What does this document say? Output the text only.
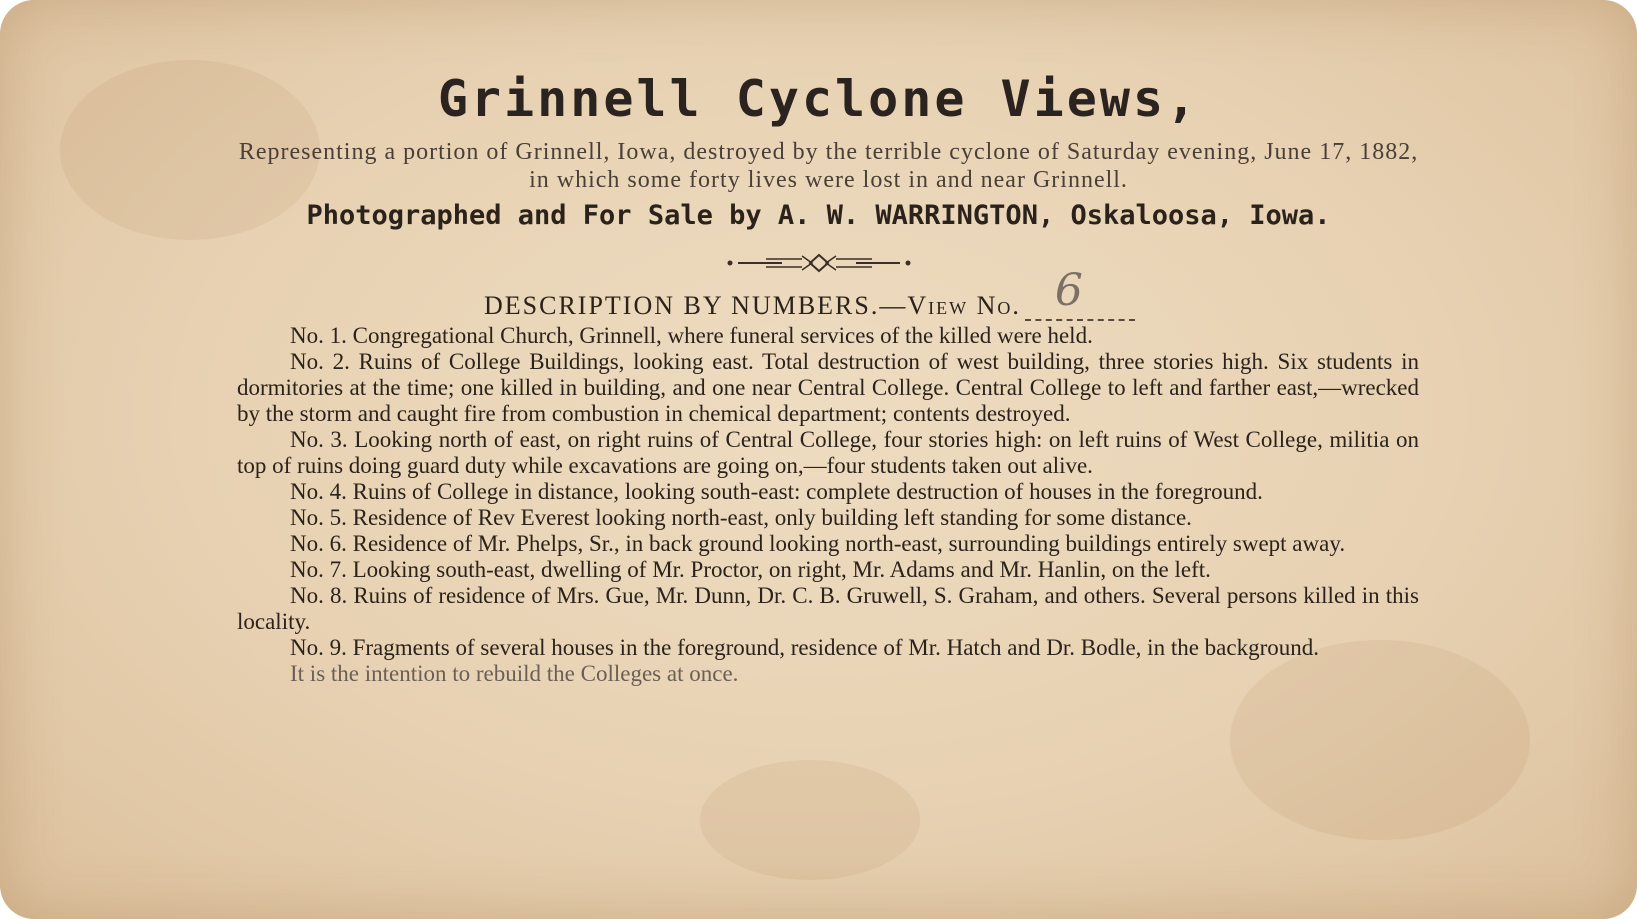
Grinnell Cyclone Views,
Representing a portion of Grinnell, Iowa, destroyed by the terrible cyclone of Saturday evening, June 17, 1882, in which some forty lives were lost in and near Grinnell.
Photographed and For Sale by A. W. WARRINGTON, Oskaloosa, Iowa.
DESCRIPTION BY NUMBERS.—View No. 6

No. 1. Congregational Church, Grinnell, where funeral services of the killed were held.

No. 2. Ruins of College Buildings, looking east. Total destruction of west building, three stories high. Six students in dormitories at the time; one killed in building, and one near Central College. Central College to left and farther east,—wrecked by the storm and caught fire from combustion in chemical department; contents destroyed.

No. 3. Looking north of east, on right ruins of Central College, four stories high: on left ruins of West College, militia on top of ruins doing guard duty while excavations are going on,—four students taken out alive.

No. 4. Ruins of College in distance, looking south-east: complete destruction of houses in the foreground.

No. 5. Residence of Rev Everest looking north-east, only building left standing for some distance.

No. 6. Residence of Mr. Phelps, Sr., in back ground looking north-east, surrounding buildings entirely swept away.

No. 7. Looking south-east, dwelling of Mr. Proctor, on right, Mr. Adams and Mr. Hanlin, on the left.

No. 8. Ruins of residence of Mrs. Gue, Mr. Dunn, Dr. C. B. Gruwell, S. Graham, and others. Several persons killed in this locality.

No. 9. Fragments of several houses in the foreground, residence of Mr. Hatch and Dr. Bodle, in the background.

It is the intention to rebuild the Colleges at once.
